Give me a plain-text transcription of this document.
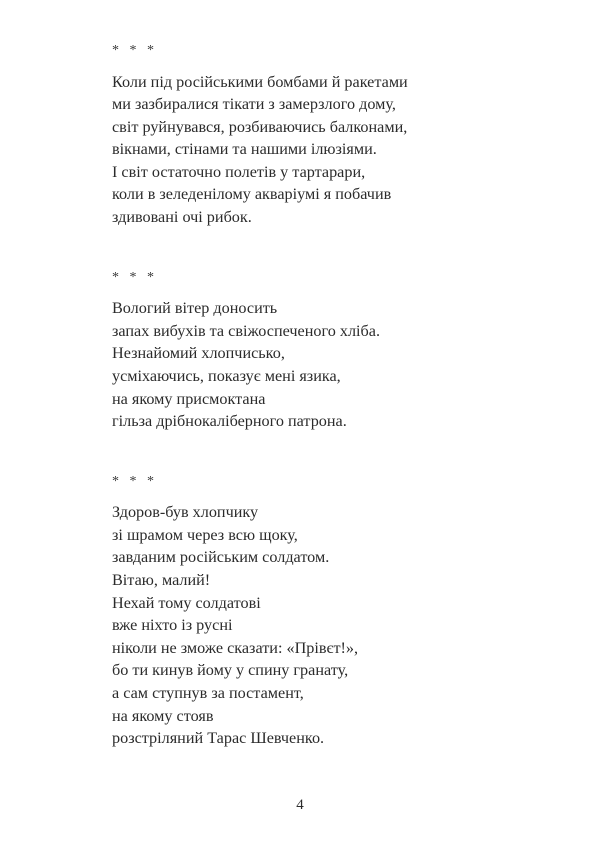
* * *
Коли під російськими бомбами й ракетами
ми зазбиралися тікати з замерзлого дому,
світ руйнувався, розбиваючись балконами,
вікнами, стінами та нашими ілюзіями.
І світ остаточно полетів у тартарари,
коли в зеледенілому акваріумі я побачив
здивовані очі рибок.
* * *
Вологий вітер доносить
запах вибухів та свіжоспеченого хліба.
Незнайомий хлопчисько,
усміхаючись, показує мені язика,
на якому присмоктана
гільза дрібнокаліберного патрона.
* * *
Здоров-був хлопчику
зі шрамом через всю щоку,
завданим російським солдатом.
Вітаю, малий!
Нехай тому солдатові
вже ніхто із русні
ніколи не зможе сказати: «Прівєт!»,
бо ти кинув йому у спину гранату,
а сам ступнув за постамент,
на якому стояв
розстріляний Тарас Шевченко.
4
